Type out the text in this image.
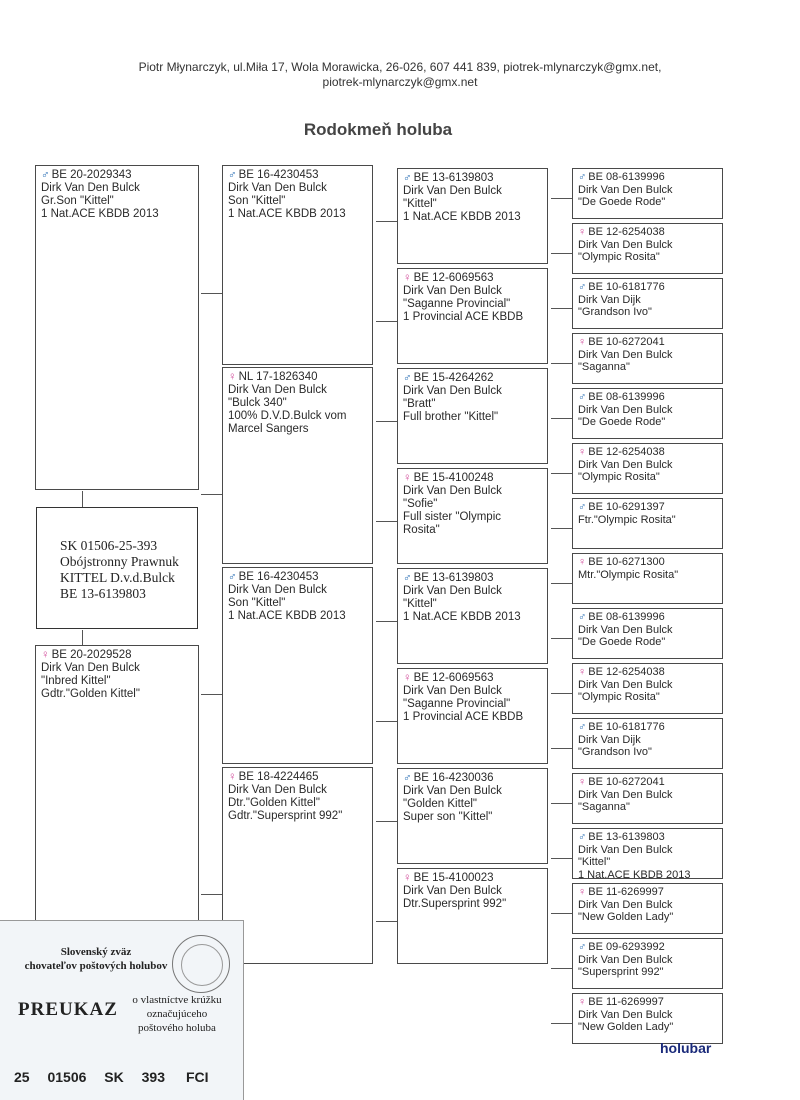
Piotr Młynarczyk, ul.Miła 17, Wola Morawicka, 26-026, 607 441 839, piotrek-mlynarczyk@gmx.net,
piotrek-mlynarczyk@gmx.net
Rodokmeň holuba
♂ BE 20-2029343
Dirk Van Den Bulck
Gr.Son "Kittel"
1 Nat.ACE KBDB 2013
♀ BE 20-2029528
Dirk Van Den Bulck
"Inbred Kittel"
Gdtr."Golden Kittel"
♂ BE 16-4230453
Dirk Van Den Bulck
Son "Kittel"
1 Nat.ACE KBDB 2013
♀ NL 17-1826340
Dirk Van Den Bulck
"Bulck 340"
100% D.V.D.Bulck vom
Marcel Sangers
♂ BE 16-4230453
Dirk Van Den Bulck
Son "Kittel"
1 Nat.ACE KBDB 2013
♀ BE 18-4224465
Dirk Van Den Bulck
Dtr."Golden Kittel"
Gdtr."Supersprint 992"
♂ BE 13-6139803
Dirk Van Den Bulck
"Kittel"
1 Nat.ACE KBDB 2013
♀ BE 12-6069563
Dirk Van Den Bulck
"Saganne Provincial"
1 Provincial ACE KBDB
♂ BE 15-4264262
Dirk Van Den Bulck
"Bratt"
Full brother "Kittel"
♀ BE 15-4100248
Dirk Van Den Bulck
"Sofie"
Full sister "Olympic
Rosita"
♂ BE 13-6139803
Dirk Van Den Bulck
"Kittel"
1 Nat.ACE KBDB 2013
♀ BE 12-6069563
Dirk Van Den Bulck
"Saganne Provincial"
1 Provincial ACE KBDB
♂ BE 16-4230036
Dirk Van Den Bulck
"Golden Kittel"
Super son "Kittel"
♀ BE 15-4100023
Dirk Van Den Bulck
Dtr.Supersprint 992"
♂ BE 08-6139996
Dirk Van Den Bulck
"De Goede Rode"
♀ BE 12-6254038
Dirk Van Den Bulck
"Olympic Rosita"
♂ BE 10-6181776
Dirk Van Dijk
"Grandson Ivo"
♀ BE 10-6272041
Dirk Van Den Bulck
"Saganna"
♂ BE 08-6139996
Dirk Van Den Bulck
"De Goede Rode"
♀ BE 12-6254038
Dirk Van Den Bulck
"Olympic Rosita"
♂ BE 10-6291397
Ftr."Olympic Rosita"
♀ BE 10-6271300
Mtr."Olympic Rosita"
♂ BE 08-6139996
Dirk Van Den Bulck
"De Goede Rode"
♀ BE 12-6254038
Dirk Van Den Bulck
"Olympic Rosita"
♂ BE 10-6181776
Dirk Van Dijk
"Grandson Ivo"
♀ BE 10-6272041
Dirk Van Den Bulck
"Saganna"
♂ BE 13-6139803
Dirk Van Den Bulck
"Kittel"
1 Nat.ACE KBDB 2013
♀ BE 11-6269997
Dirk Van Den Bulck
"New Golden Lady"
♂ BE 09-6293992
Dirk Van Den Bulck
"Supersprint 992"
♀ BE 11-6269997
Dirk Van Den Bulck
"New Golden Lаdy"
SK 01506-25-393
Obójstronny Prawnuk
KITTEL D.v.d.Bulck
BE 13-6139803
Slovenský zväz
chovateľov poštových holubov
PREUKAZ	o vlastníctve krúžku
označujúceho
poštového holuba
25 01506 SK 393	FCI
holubar
